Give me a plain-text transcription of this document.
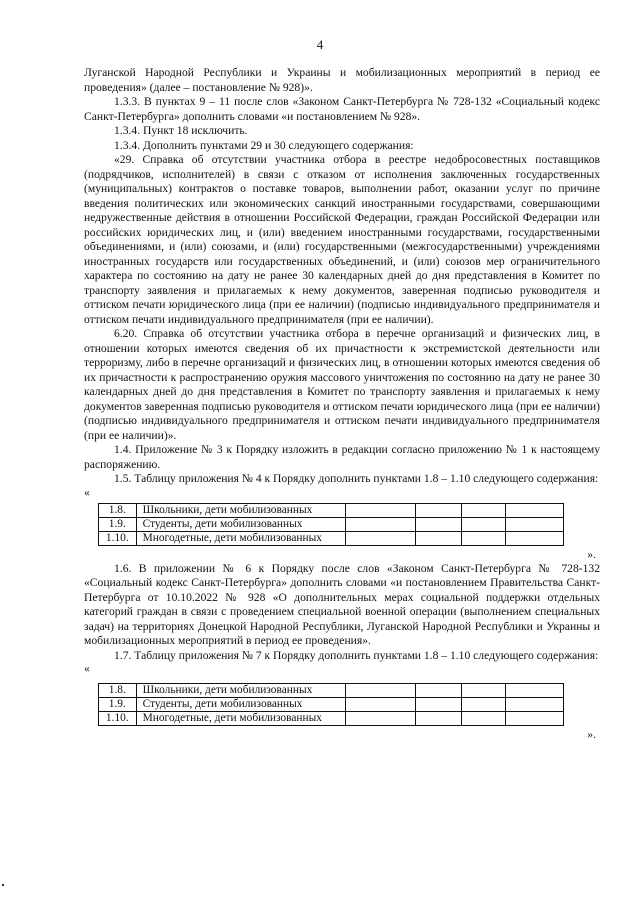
4

Луганской Народной Республики и Украины и мобилизационных мероприятий в период ее проведения» (далее – постановление № 928)».

1.3.3. В пунктах 9 – 11 после слов «Законом Санкт-Петербурга № 728-132 «Социальный кодекс Санкт-Петербурга» дополнить словами «и постановлением № 928».

1.3.4. Пункт 18 исключить.

1.3.4. Дополнить пунктами 29 и 30 следующего содержания:

«29. Справка об отсутствии участника отбора в реестре недобросовестных поставщиков (подрядчиков, исполнителей) в связи с отказом от исполнения заключенных государственных (муниципальных) контрактов о поставке товаров, выполнении работ, оказании услуг по причине введения политических или экономических санкций иностранными государствами, совершающими недружественные действия в отношении Российской Федерации, граждан Российской Федерации или российских юридических лиц, и (или) введением иностранными государствами, государственными объединениями, и (или) союзами, и (или) государственными (межгосударственными) учреждениями иностранных государств или государственных объединений, и (или) союзов мер ограничительного характера по состоянию на дату не ранее 30 календарных дней до дня представления в Комитет по транспорту заявления и прилагаемых к нему документов, заверенная подписью руководителя и оттиском печати юридического лица (при ее наличии) (подписью индивидуального предпринимателя и оттиском печати индивидуального предпринимателя (при ее наличии).

6.20. Справка об отсутствии участника отбора в перечне организаций и физических лиц, в отношении которых имеются сведения об их причастности к экстремистской деятельности или терроризму, либо в перечне организаций и физических лиц, в отношении которых имеются сведения об их причастности к распространению оружия массового уничтожения по состоянию на дату не ранее 30 календарных дней до дня представления в Комитет по транспорту заявления и прилагаемых к нему документов заверенная подписью руководителя и оттиском печати юридического лица (при ее наличии) (подписью индивидуального предпринимателя и оттиском печати индивидуального предпринимателя (при ее наличии)».

1.4. Приложение № 3 к Порядку изложить в редакции согласно приложению № 1 к настоящему распоряжению.

1.5. Таблицу приложения № 4 к Порядку дополнить пунктами 1.8 – 1.10 следующего содержания:

«

1.8.	Школьники, дети мобилизованных				
1.9.	Студенты, дети мобилизованных				
1.10.	Многодетные, дети мобилизованных				

».

1.6. В приложении № 6 к Порядку после слов «Законом Санкт-Петербурга № 728-132 «Социальный кодекс Санкт-Петербурга» дополнить словами «и постановлением Правительства Санкт-Петербурга от 10.10.2022 № 928 «О дополнительных мерах социальной поддержки отдельных категорий граждан в связи с проведением специальной военной операции (выполнением специальных задач) на территориях Донецкой Народной Республики, Луганской Народной Республики и Украины и мобилизационных мероприятий в период ее проведения».

1.7. Таблицу приложения № 7 к Порядку дополнить пунктами 1.8 – 1.10 следующего содержания:

«

1.8.	Школьники, дети мобилизованных				
1.9.	Студенты, дети мобилизованных				
1.10.	Многодетные, дети мобилизованных				

».
